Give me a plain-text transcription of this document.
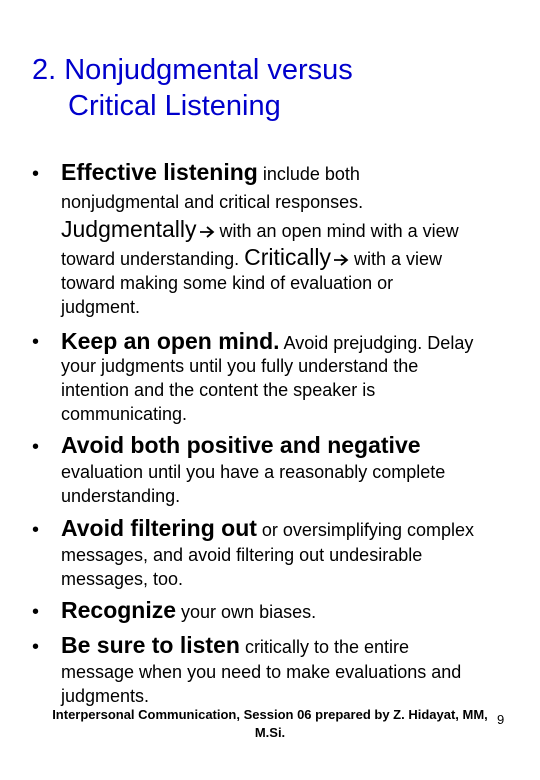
2. Nonjudgmental versus
Critical Listening
• Effective listening include both
nonjudgmental and critical responses.
Judgmentally with an open mind with a view
toward understanding. Critically with a view
toward making some kind of evaluation or
judgment.
• Keep an open mind. Avoid prejudging. Delay
your judgments until you fully understand the
intention and the content the speaker is
communicating.
• Avoid both positive and negative
evaluation until you have a reasonably complete
understanding.
• Avoid filtering out or oversimplifying complex
messages, and avoid filtering out undesirable
messages, too.
• Recognize your own biases.
• Be sure to listen critically to the entire
message when you need to make evaluations and
judgments.
Interpersonal Communication, Session 06 prepared by Z. Hidayat, MM,
M.Si.
9
